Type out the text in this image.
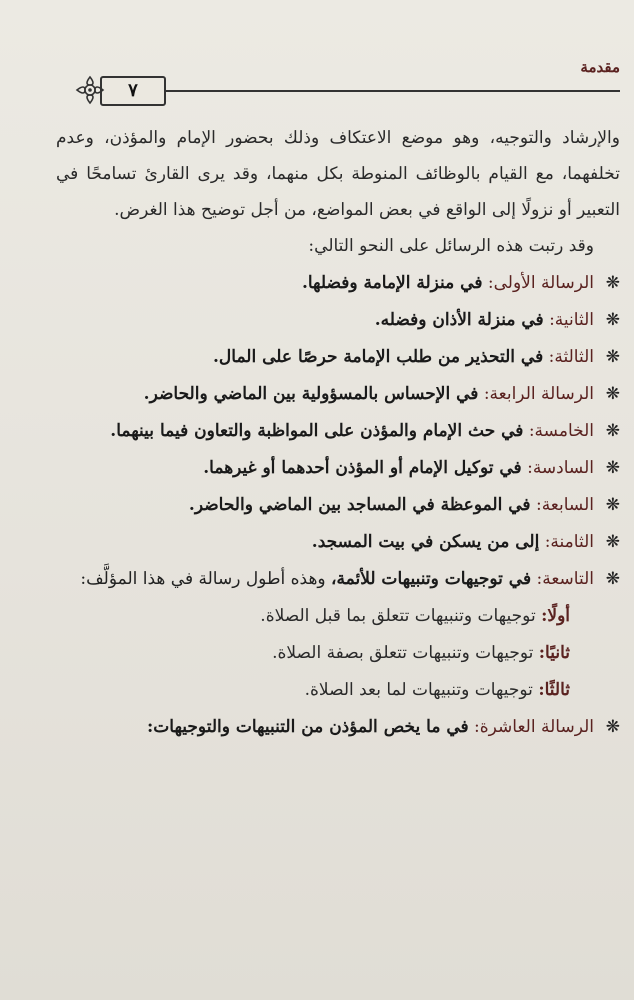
مقدمة
٧

والإرشاد والتوجيه، وهو موضع الاعتكاف وذلك بحضور الإمام والمؤذن، وعدم تخلفهما، مع القيام بالوظائف المنوطة بكل منهما، وقد يرى القارئ تسامحًا في التعبير أو نزولًا إلى الواقع في بعض المواضع، من أجل توضيح هذا الغرض.

وقد رتبت هذه الرسائل على النحو التالي:

❋
الرسالة الأولى: في منزلة الإمامة وفضلها.
❋
الثانية: في منزلة الأذان وفضله.
❋
الثالثة: في التحذير من طلب الإمامة حرصًا على المال.
❋
الرسالة الرابعة: في الإحساس بالمسؤولية بين الماضي والحاضر.
❋
الخامسة: في حث الإمام والمؤذن على المواظبة والتعاون فيما بينهما.
❋
السادسة: في توكيل الإمام أو المؤذن أحدهما أو غيرهما.
❋
السابعة: في الموعظة في المساجد بين الماضي والحاضر.
❋
الثامنة: إلى من يسكن في بيت المسجد.
❋
التاسعة: في توجيهات وتنبيهات للأئمة، وهذه أطول رسالة في هذا المؤلَّف:
أولًا: توجيهات وتنبيهات تتعلق بما قبل الصلاة.
ثانيًا: توجيهات وتنبيهات تتعلق بصفة الصلاة.
ثالثًا: توجيهات وتنبيهات لما بعد الصلاة.
❋
الرسالة العاشرة: في ما يخص المؤذن من التنبيهات والتوجيهات:
